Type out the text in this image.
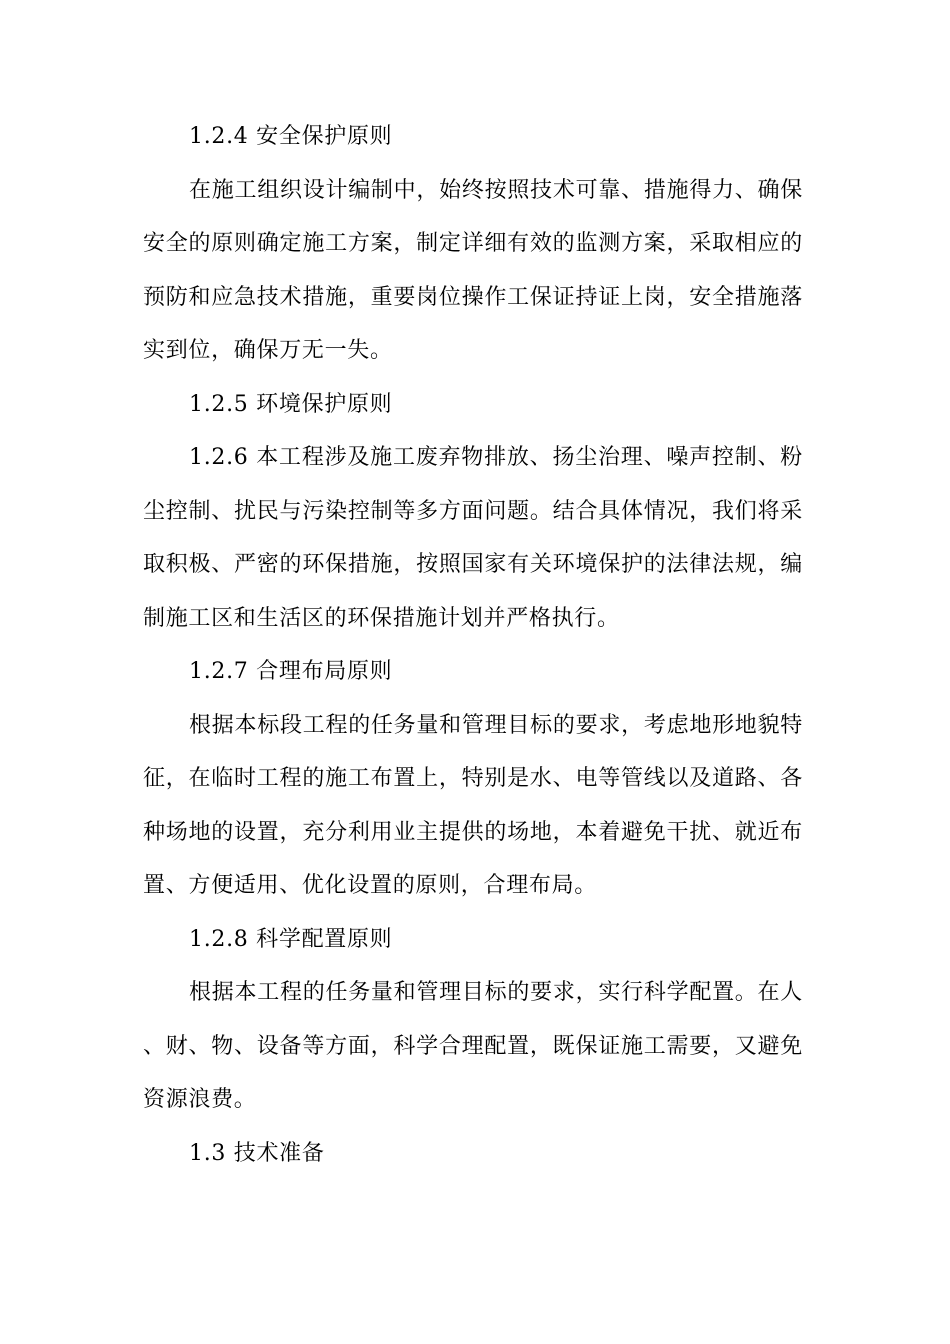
1.2.4 安全保护原则

在施工组织设计编制中，始终按照技术可靠、措施得力、确保安全的原则确定施工方案，制定详细有效的监测方案，采取相应的预防和应急技术措施，重要岗位操作工保证持证上岗，安全措施落实到位，确保万无一失。

1.2.5 环境保护原则

1.2.6 本工程涉及施工废弃物排放、扬尘治理、噪声控制、粉尘控制、扰民与污染控制等多方面问题。结合具体情况，我们将采取积极、严密的环保措施，按照国家有关环境保护的法律法规，编制施工区和生活区的环保措施计划并严格执行。

1.2.7 合理布局原则

根据本标段工程的任务量和管理目标的要求，考虑地形地貌特征，在临时工程的施工布置上，特别是水、电等管线以及道路、各种场地的设置，充分利用业主提供的场地，本着避免干扰、就近布置、方便适用、优化设置的原则，合理布局。

1.2.8 科学配置原则

根据本工程的任务量和管理目标的要求，实行科学配置。在人、财、物、设备等方面，科学合理配置，既保证施工需要，又避免资源浪费。

1.3 技术准备
